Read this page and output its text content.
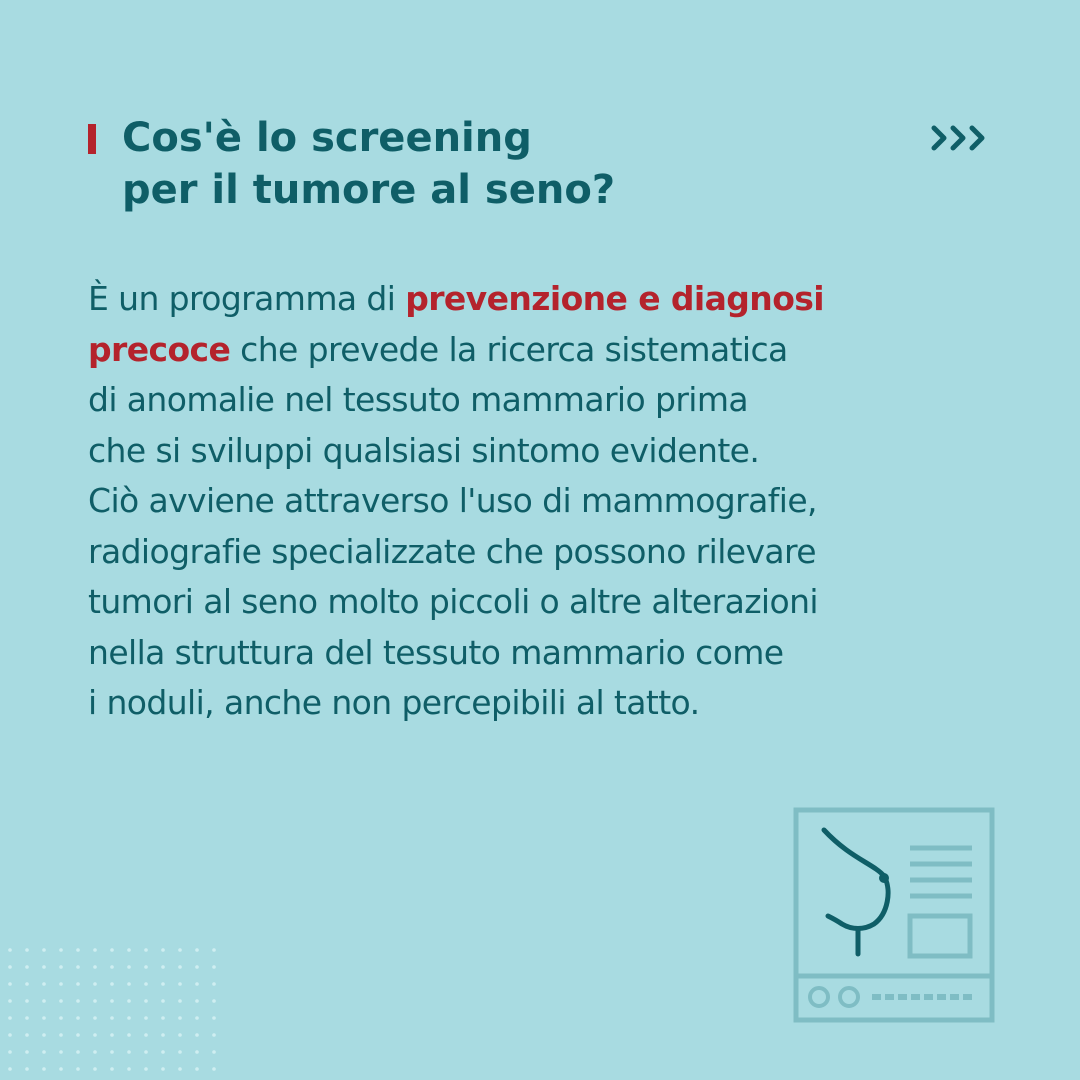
Cos'è lo screening
per il tumore al seno?

È un programma di prevenzione e diagnosi
precoce che prevede la ricerca sistematica
di anomalie nel tessuto mammario prima
che si sviluppi qualsiasi sintomo evidente.
Ciò avviene attraverso l'uso di mammografie,
radiografie specializzate che possono rilevare
tumori al seno molto piccoli o altre alterazioni
nella struttura del tessuto mammario come
i noduli, anche non percepibili al tatto.
